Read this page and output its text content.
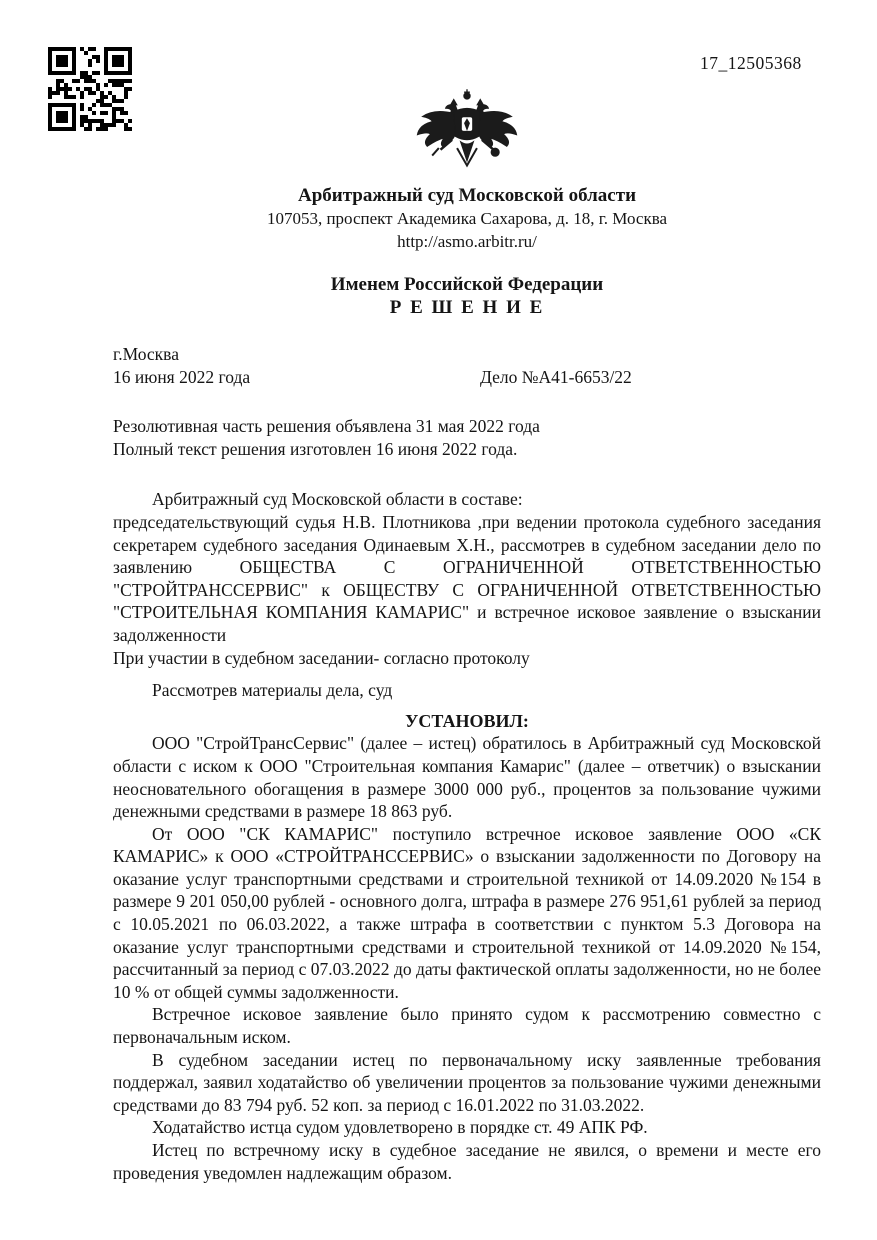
17_12505368
Арбитражный суд Московской области
107053, проспект Академика Сахарова, д. 18, г. Москва
http://asmo.arbitr.ru/
Именем Российской Федерации
Р Е Ш Е Н И Е
г.Москва
16 июня 2022 года	Дело №А41-6653/22
Резолютивная часть решения объявлена 31 мая 2022 года
Полный текст решения изготовлен 16 июня 2022 года.
Арбитражный суд Московской области в составе:
председательствующий судья Н.В. Плотникова ,при ведении протокола судебного заседания секретарем судебного заседания Одинаевым Х.Н., рассмотрев в судебном заседании дело по заявлению ОБЩЕСТВА С ОГРАНИЧЕННОЙ ОТВЕТСТВЕННОСТЬЮ "СТРОЙТРАНССЕРВИС" к ОБЩЕСТВУ С ОГРАНИЧЕННОЙ ОТВЕТСТВЕННОСТЬЮ "СТРОИТЕЛЬНАЯ КОМПАНИЯ КАМАРИС" и встречное исковое заявление о взыскании задолженности
При участии в судебном заседании- согласно протоколу
Рассмотрев материалы дела, суд
УСТАНОВИЛ:

ООО "СтройТрансСервис" (далее – истец) обратилось в Арбитражный суд Московской области с иском к ООО "Строительная компания Камарис" (далее – ответчик) о взыскании неосновательного обогащения в размере 3000 000 руб., процентов за пользование чужими денежными средствами в размере 18 863 руб.

От ООО "СК КАМАРИС" поступило встречное исковое заявление ООО «СК КАМАРИС» к ООО «СТРОЙТРАНССЕРВИС» о взыскании задолженности по Договору на оказание услуг транспортными средствами и строительной техникой от 14.09.2020 №154 в размере 9 201 050,00 рублей - основного долга, штрафа в размере 276 951,61 рублей за период с 10.05.2021 по 06.03.2022, а также штрафа в соответствии с пунктом 5.3 Договора на оказание услуг транспортными средствами и строительной техникой от 14.09.2020 №154, рассчитанный за период с 07.03.2022 до даты фактической оплаты задолженности, но не более 10 % от общей суммы задолженности.

Встречное исковое заявление было принято судом к рассмотрению совместно с первоначальным иском.

В судебном заседании истец по первоначальному иску заявленные требования поддержал, заявил ходатайство об увеличении процентов за пользование чужими денежными средствами до 83 794 руб. 52 коп. за период с 16.01.2022 по 31.03.2022.

Ходатайство истца судом удовлетворено в порядке ст. 49 АПК РФ.

Истец по встречному иску в судебное заседание не явился, о времени и месте его проведения уведомлен надлежащим образом.
